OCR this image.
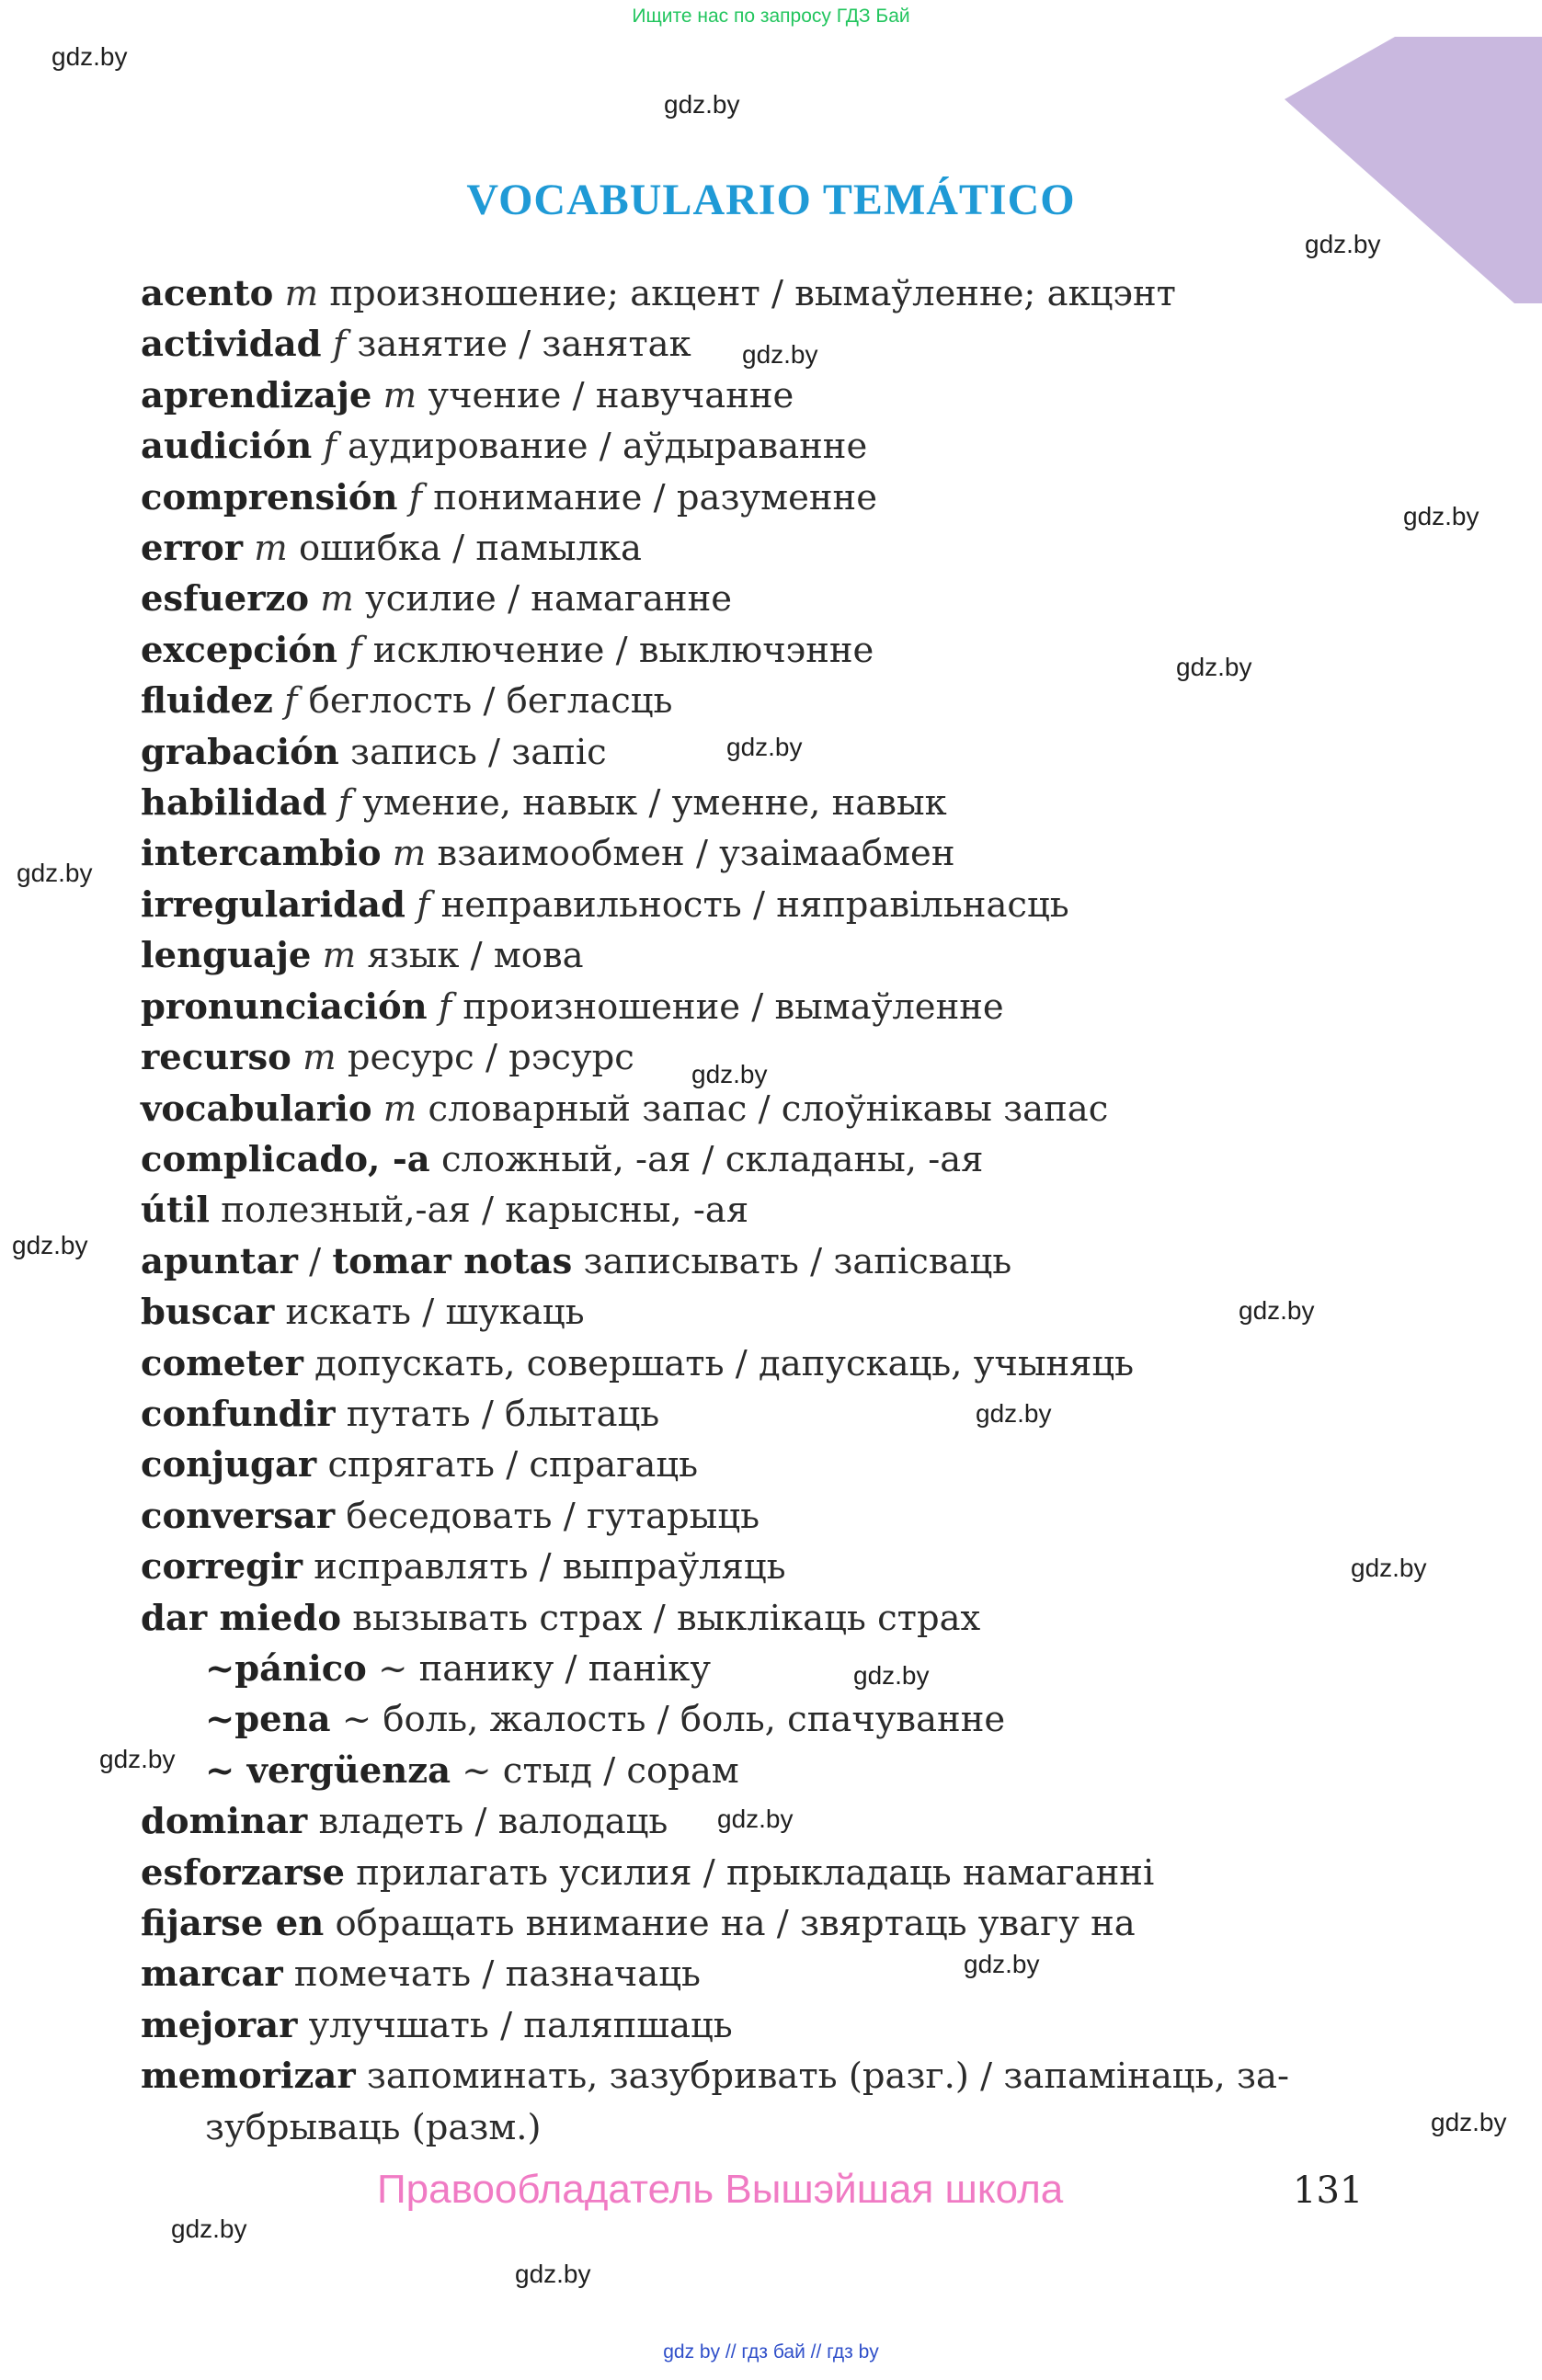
Ищите нас по запросу ГДЗ Бай
VOCABULARIO TEMÁTICO
acento m произношение; акцент / вымаўленне; акцэнт
actividad f занятие / занятак
aprendizaje m учение / навучанне
audición f аудирование / аўдыраванне
comprensión f понимание / разуменне
error m ошибка / памылка
esfuerzo m усилие / намаганне
excepción f исключение / выключэнне
fluidez f беглость / бегласць
grabación запись / запіс
habilidad f умение, навык / уменне, навык
intercambio m взаимообмен / узаімаабмен
irregularidad f неправильность / няправільнасць
lenguaje m язык / мова
pronunciación f произношение / вымаўленне
recurso m ресурс / рэсурс
vocabulario m словарный запас / слоўнікавы запас
complicado, -a сложный, -ая / складаны, -ая
útil полезный,-ая / карысны, -ая
apuntar / tomar notas записывать / запісваць
buscar искать / шукаць
cometer допускать, совершать / дапускаць, учыняць
confundir путать / блытаць
conjugar спрягать / спрагаць
conversar беседовать / гутарыць
corregir исправлять / выпраўляць
dar miedo вызывать страх / выклікаць страх
~pánico ~ панику / паніку
~pena ~ боль, жалость / боль, спачуванне
~ vergüenza ~ стыд / сорам
dominar владеть / валодаць
esforzarse прилагать усилия / прыкладаць намаганні
fijarse en обращать внимание на / звяртаць увагу на
marcar помечать / пазначаць
mejorar улучшать / паляпшаць
memorizar запоминать, зазубривать (разг.) / запамінаць, за-
зубрываць (разм.)
Правообладатель Вышэйшая школа	131
gdz.by
gdz.by
gdz.by
gdz.by
gdz.by
gdz.by
gdz.by
gdz.by
gdz.by
gdz.by
gdz.by
gdz.by
gdz.by
gdz.by
gdz.by
gdz.by
gdz.by
gdz.by
gdz.by
gdz.by
gdz by // гдз бай // гдз by
